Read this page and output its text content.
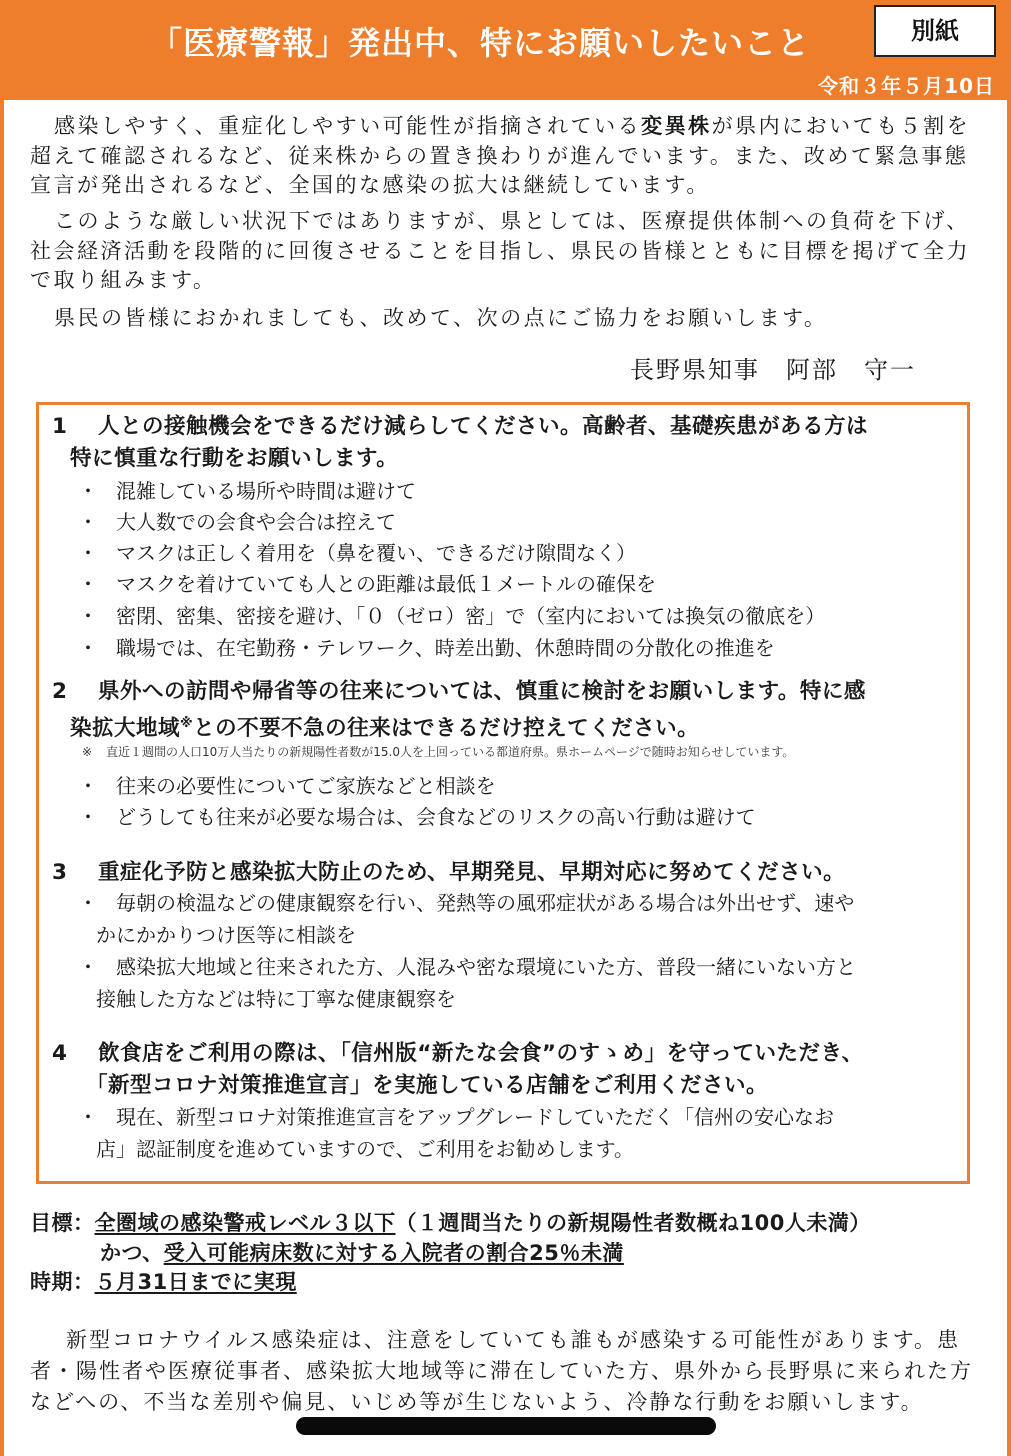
「医療警報」発出中、特にお願いしたいこと	別紙
令和３年５月10日

感染しやすく、重症化しやすい可能性が指摘されている変異株が県内においても５割を超えて確認されるなど、従来株からの置き換わりが進んでいます。また、改めて緊急事態宣言が発出されるなど、全国的な感染の拡大は継続しています。

このような厳しい状況下ではありますが、県としては、医療提供体制への負荷を下げ、社会経済活動を段階的に回復させることを目指し、県民の皆様とともに目標を掲げて全力で取り組みます。

県民の皆様におかれましても、改めて、次の点にご協力をお願いします。

長野県知事　阿部　守一
1 人との接触機会をできるだけ減らしてください。高齢者、基礎疾患がある方は
特に慎重な行動をお願いします。
・ 混雑している場所や時間は避けて
・ 大人数での会食や会合は控えて
・ マスクは正しく着用を（鼻を覆い、できるだけ隙間なく）
・ マスクを着けていても人との距離は最低１メートルの確保を
・ 密閉、密集、密接を避け、「０（ゼロ）密」で（室内においては換気の徹底を）
・ 職場では、在宅勤務・テレワーク、時差出勤、休憩時間の分散化の推進を
2 県外への訪問や帰省等の往来については、慎重に検討をお願いします。特に感
染拡大地域※との不要不急の往来はできるだけ控えてください。
※ 直近１週間の人口10万人当たりの新規陽性者数が15.0人を上回っている都道府県。県ホームページで随時お知らせしています。
・ 往来の必要性についてご家族などと相談を
・ どうしても往来が必要な場合は、会食などのリスクの高い行動は避けて
3 重症化予防と感染拡大防止のため、早期発見、早期対応に努めてください。
・ 毎朝の検温などの健康観察を行い、発熱等の風邪症状がある場合は外出せず、速や
かにかかりつけ医等に相談を
・ 感染拡大地域と往来された方、人混みや密な環境にいた方、普段一緒にいない方と
接触した方などは特に丁寧な健康観察を
4 飲食店をご利用の際は、「信州版“新たな会食”のすゝめ」を守っていただき、
「新型コロナ対策推進宣言」を実施している店舗をご利用ください。
・ 現在、新型コロナ対策推進宣言をアップグレードしていただく「信州の安心なお
店」認証制度を進めていますので、ご利用をお勧めします。
目標：全圏域の感染警戒レベル３以下（１週間当たりの新規陽性者数概ね100人未満）
かつ、受入可能病床数に対する入院者の割合25％未満
時期：５月31日までに実現

新型コロナウイルス感染症は、注意をしていても誰もが感染する可能性があります。患者・陽性者や医療従事者、感染拡大地域等に滞在していた方、県外から長野県に来られた方などへの、不当な差別や偏見、いじめ等が生じないよう、冷静な行動をお願いします。
